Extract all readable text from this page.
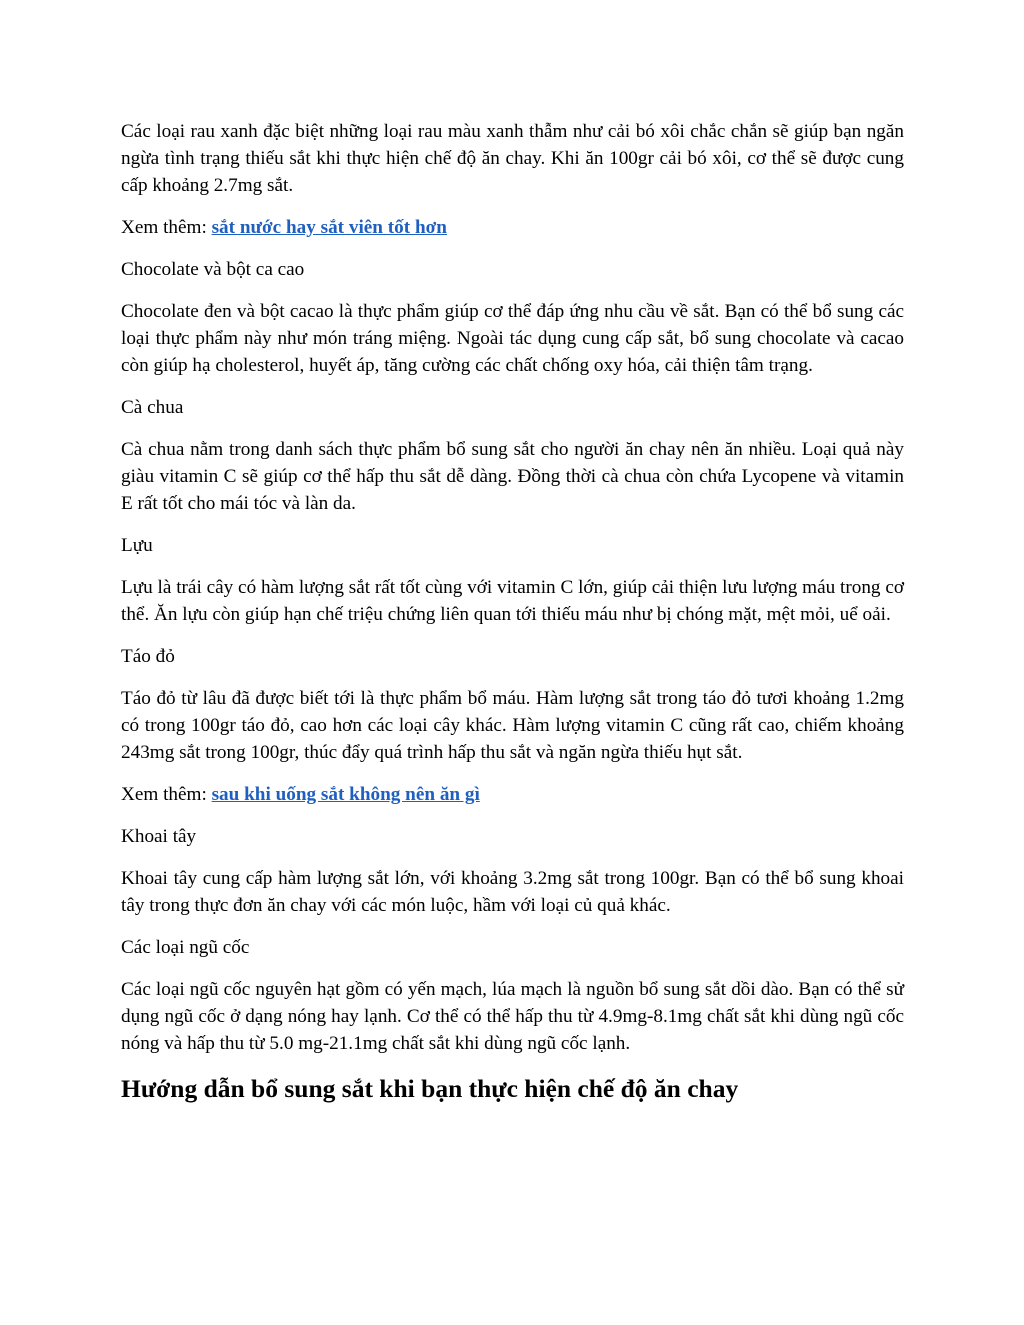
Các loại rau xanh đặc biệt những loại rau màu xanh thẫm như cải bó xôi chắc chắn sẽ giúp bạn ngăn ngừa tình trạng thiếu sắt khi thực hiện chế độ ăn chay. Khi ăn 100gr cải bó xôi, cơ thể sẽ được cung cấp khoảng 2.7mg sắt.

Xem thêm: sắt nước hay sắt viên tốt hơn

Chocolate và bột ca cao

Chocolate đen và bột cacao là thực phẩm giúp cơ thể đáp ứng nhu cầu về sắt. Bạn có thể bổ sung các loại thực phẩm này như món tráng miệng. Ngoài tác dụng cung cấp sắt, bổ sung chocolate và cacao còn giúp hạ cholesterol, huyết áp, tăng cường các chất chống oxy hóa, cải thiện tâm trạng.

Cà chua

Cà chua nằm trong danh sách thực phẩm bổ sung sắt cho người ăn chay nên ăn nhiều. Loại quả này giàu vitamin C sẽ giúp cơ thể hấp thu sắt dễ dàng. Đồng thời cà chua còn chứa Lycopene và vitamin E rất tốt cho mái tóc và làn da.

Lựu

Lựu là trái cây có hàm lượng sắt rất tốt cùng với vitamin C lớn, giúp cải thiện lưu lượng máu trong cơ thể. Ăn lựu còn giúp hạn chế triệu chứng liên quan tới thiếu máu như bị chóng mặt, mệt mỏi, uể oải.

Táo đỏ

Táo đỏ từ lâu đã được biết tới là thực phẩm bổ máu. Hàm lượng sắt trong táo đỏ tươi khoảng 1.2mg có trong 100gr táo đỏ, cao hơn các loại cây khác. Hàm lượng vitamin C cũng rất cao, chiếm khoảng 243mg sắt trong 100gr, thúc đẩy quá trình hấp thu sắt và ngăn ngừa thiếu hụt sắt.

Xem thêm: sau khi uống sắt không nên ăn gì

Khoai tây

Khoai tây cung cấp hàm lượng sắt lớn, với khoảng 3.2mg sắt trong 100gr. Bạn có thể bổ sung khoai tây trong thực đơn ăn chay với các món luộc, hầm với loại củ quả khác.

Các loại ngũ cốc

Các loại ngũ cốc nguyên hạt gồm có yến mạch, lúa mạch là nguồn bổ sung sắt dồi dào. Bạn có thể sử dụng ngũ cốc ở dạng nóng hay lạnh. Cơ thể có thể hấp thu từ 4.9mg-8.1mg chất sắt khi dùng ngũ cốc nóng và hấp thu từ 5.0 mg-21.1mg chất sắt khi dùng ngũ cốc lạnh.

Hướng dẫn bổ sung sắt khi bạn thực hiện chế độ ăn chay
